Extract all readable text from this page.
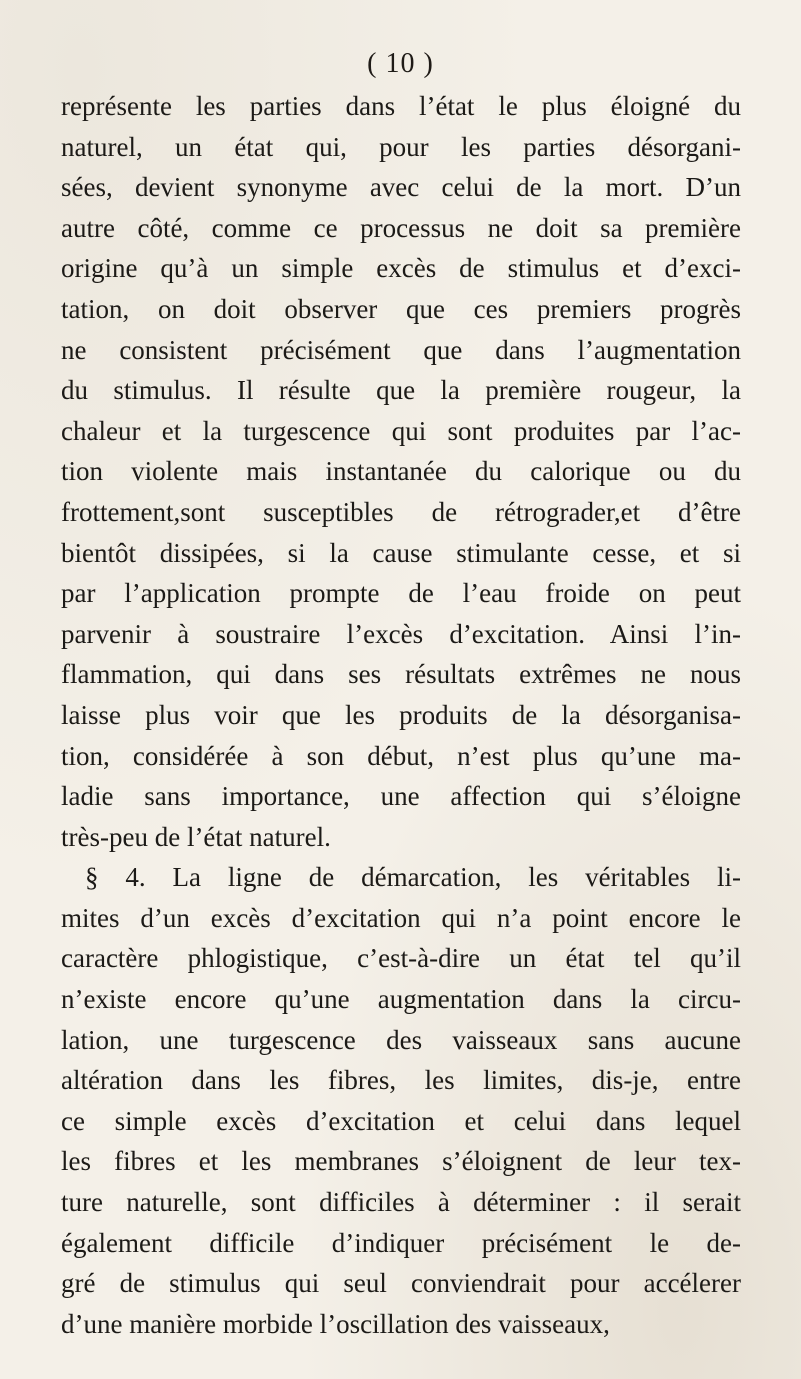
( 10 )
représente les parties dans l’état le plus éloigné du
naturel, un état qui, pour les parties désorgani-
sées, devient synonyme avec celui de la mort. D’un
autre côté, comme ce processus ne doit sa première
origine qu’à un simple excès de stimulus et d’exci-
tation, on doit observer que ces premiers progrès
ne consistent précisément que dans l’augmentation
du stimulus. Il résulte que la première rougeur, la
chaleur et la turgescence qui sont produites par l’ac-
tion violente mais instantanée du calorique ou du
frottement,sont susceptibles de rétrograder,et d’être
bientôt dissipées, si la cause stimulante cesse, et si
par l’application prompte de l’eau froide on peut
parvenir à soustraire l’excès d’excitation. Ainsi l’in-
flammation, qui dans ses résultats extrêmes ne nous
laisse plus voir que les produits de la désorganisa-
tion, considérée à son début, n’est plus qu’une ma-
ladie sans importance, une affection qui s’éloigne
très-peu de l’état naturel.
§ 4. La ligne de démarcation, les véritables li-
mites d’un excès d’excitation qui n’a point encore le
caractère phlogistique, c’est-à-dire un état tel qu’il
n’existe encore qu’une augmentation dans la circu-
lation, une turgescence des vaisseaux sans aucune
altération dans les fibres, les limites, dis-je, entre
ce simple excès d’excitation et celui dans lequel
les fibres et les membranes s’éloignent de leur tex-
ture naturelle, sont difficiles à déterminer : il serait
également difficile d’indiquer précisément le de-
gré de stimulus qui seul conviendrait pour accélerer
d’une manière morbide l’oscillation des vaisseaux,
